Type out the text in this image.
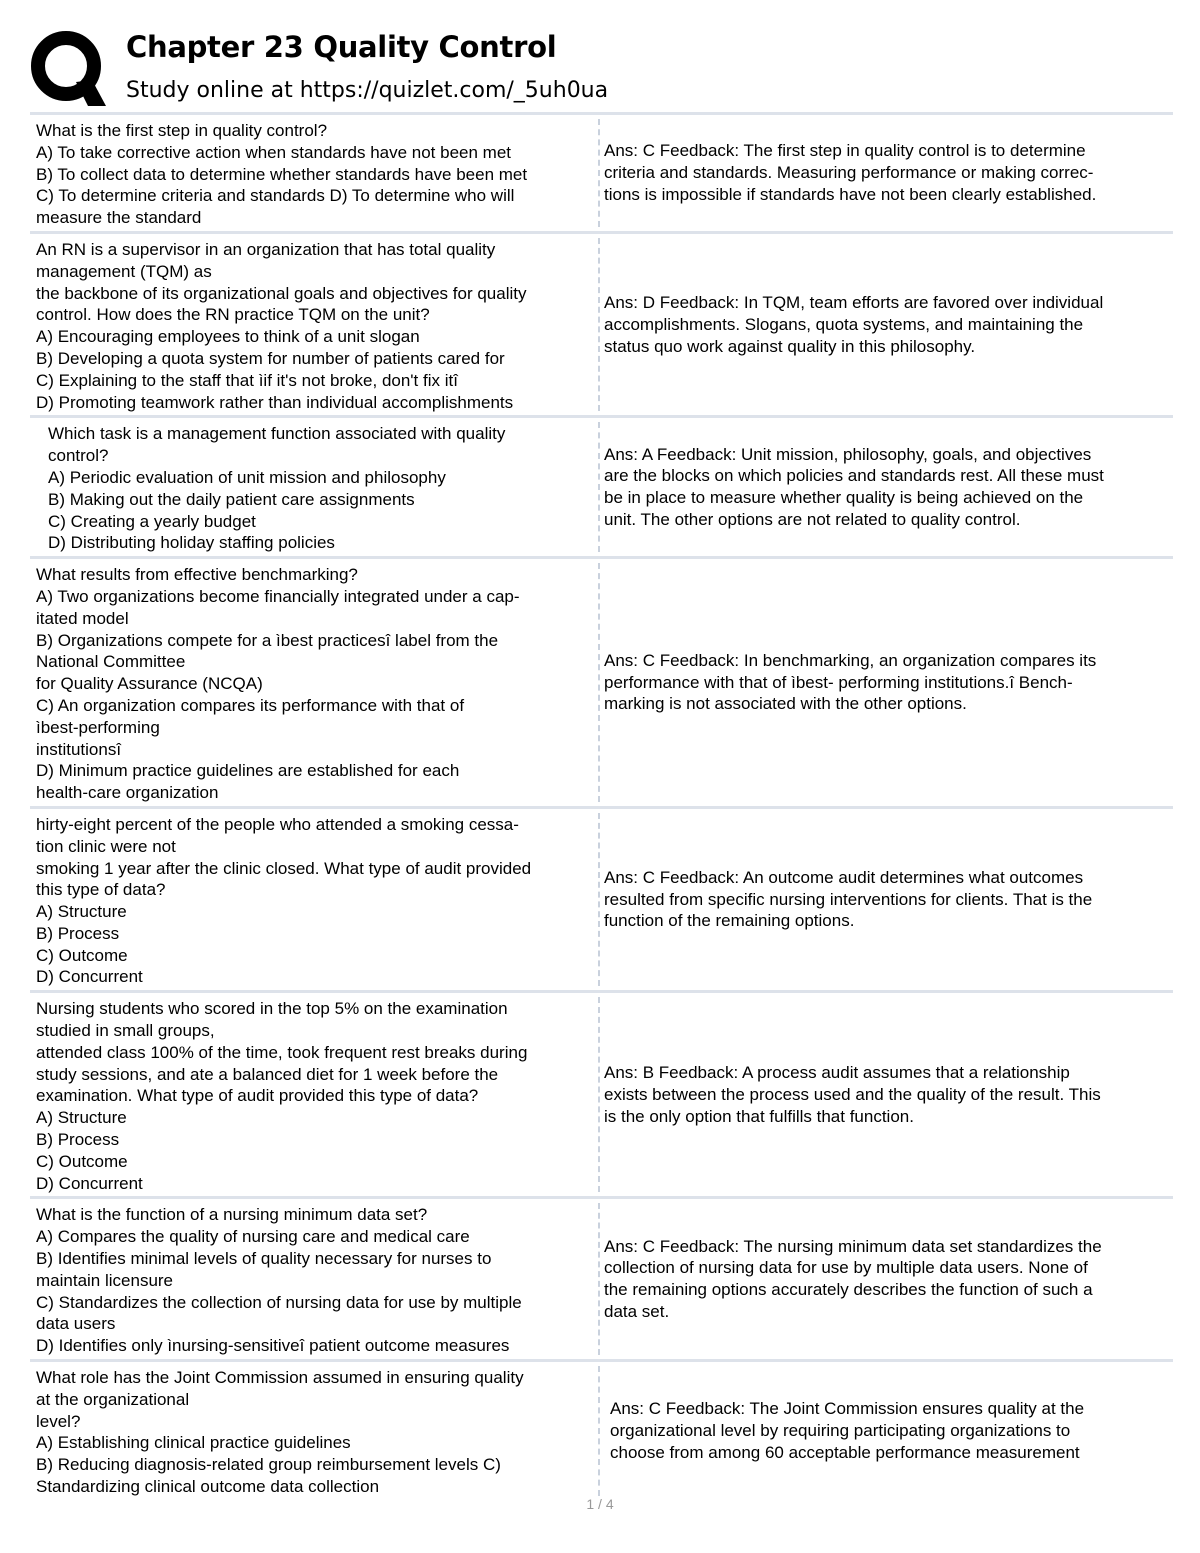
Chapter 23 Quality Control
Study online at https://quizlet.com/_5uh0ua
What is the first step in quality control?
A) To take corrective action when standards have not been met
B) To collect data to determine whether standards have been met
C) To determine criteria and standards D) To determine who will
measure the standard
Ans: C Feedback: The first step in quality control is to determine
criteria and standards. Measuring performance or making correc-
tions is impossible if standards have not been clearly established.
An RN is a supervisor in an organization that has total quality
management (TQM) as
the backbone of its organizational goals and objectives for quality
control. How does the RN practice TQM on the unit?
A) Encouraging employees to think of a unit slogan
B) Developing a quota system for number of patients cared for
C) Explaining to the staff that ìif it's not broke, don't fix itî
D) Promoting teamwork rather than individual accomplishments
Ans: D Feedback: In TQM, team efforts are favored over individual
accomplishments. Slogans, quota systems, and maintaining the
status quo work against quality in this philosophy.
Which task is a management function associated with quality
control?
A) Periodic evaluation of unit mission and philosophy
B) Making out the daily patient care assignments
C) Creating a yearly budget
D) Distributing holiday staffing policies
Ans: A Feedback: Unit mission, philosophy, goals, and objectives
are the blocks on which policies and standards rest. All these must
be in place to measure whether quality is being achieved on the
unit. The other options are not related to quality control.
What results from effective benchmarking?
A) Two organizations become financially integrated under a cap-
itated model
B) Organizations compete for a ìbest practicesî label from the
National Committee
for Quality Assurance (NCQA)
C) An organization compares its performance with that of
ìbest-performing
institutionsî
D) Minimum practice guidelines are established for each
health-care organization
Ans: C Feedback: In benchmarking, an organization compares its
performance with that of ìbest- performing institutions.î Bench-
marking is not associated with the other options.
hirty-eight percent of the people who attended a smoking cessa-
tion clinic were not
smoking 1 year after the clinic closed. What type of audit provided
this type of data?
A) Structure
B) Process
C) Outcome
D) Concurrent
Ans: C Feedback: An outcome audit determines what outcomes
resulted from specific nursing interventions for clients. That is the
function of the remaining options.
Nursing students who scored in the top 5% on the examination
studied in small groups,
attended class 100% of the time, took frequent rest breaks during
study sessions, and ate a balanced diet for 1 week before the
examination. What type of audit provided this type of data?
A) Structure
B) Process
C) Outcome
D) Concurrent
Ans: B Feedback: A process audit assumes that a relationship
exists between the process used and the quality of the result. This
is the only option that fulfills that function.
What is the function of a nursing minimum data set?
A) Compares the quality of nursing care and medical care
B) Identifies minimal levels of quality necessary for nurses to
maintain licensure
C) Standardizes the collection of nursing data for use by multiple
data users
D) Identifies only ìnursing-sensitiveî patient outcome measures
Ans: C Feedback: The nursing minimum data set standardizes the
collection of nursing data for use by multiple data users. None of
the remaining options accurately describes the function of such a
data set.
What role has the Joint Commission assumed in ensuring quality
at the organizational
level?
A) Establishing clinical practice guidelines
B) Reducing diagnosis-related group reimbursement levels C)
Standardizing clinical outcome data collection
Ans: C Feedback: The Joint Commission ensures quality at the
organizational level by requiring participating organizations to
choose from among 60 acceptable performance measurement
1 / 4
